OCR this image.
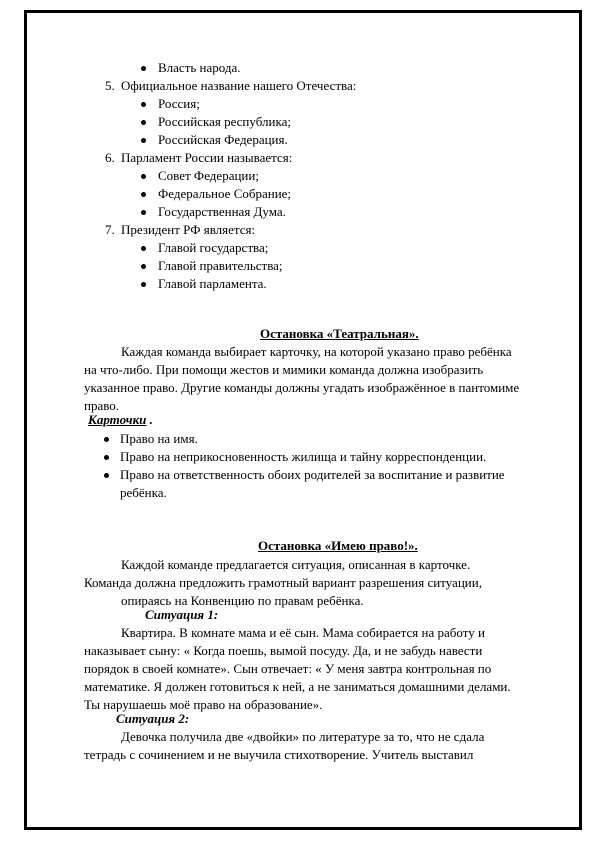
Власть народа.
5. Официальное название нашего Отечества:
Россия;
Российская республика;
Российская Федерация.
6. Парламент России называется:
Совет Федерации;
Федеральное Собрание;
Государственная Дума.
7. Президент РФ является:
Главой государства;
Главой правительства;
Главой парламента.
Остановка «Театральная».
Каждая команда выбирает карточку, на которой указано право ребёнка
на что-либо. При помощи жестов и мимики команда должна изобразить
указанное право. Другие команды должны угадать изображённое в пантомиме
право.
Карточки .
Право на имя.
Право на неприкосновенность жилища и тайну корреспонденции.
Право на ответственность обоих родителей за воспитание и развитие
ребёнка.
Остановка «Имею право!».
Каждой команде предлагается ситуация, описанная в карточке.
Команда должна предложить грамотный вариант разрешения ситуации,
опираясь на Конвенцию по правам ребёнка.
Ситуация 1:
Квартира. В комнате мама и её сын. Мама собирается на работу и
наказывает сыну: « Когда поешь, вымой посуду. Да, и не забудь навести
порядок в своей комнате». Сын отвечает: « У меня завтра контрольная по
математике. Я должен готовиться к ней, а не заниматься домашними делами.
Ты нарушаешь моё право на образование».
Ситуация 2:
Девочка получила две «двойки» по литературе за то, что не сдала
тетрадь с сочинением и не выучила стихотворение. Учитель выставил
